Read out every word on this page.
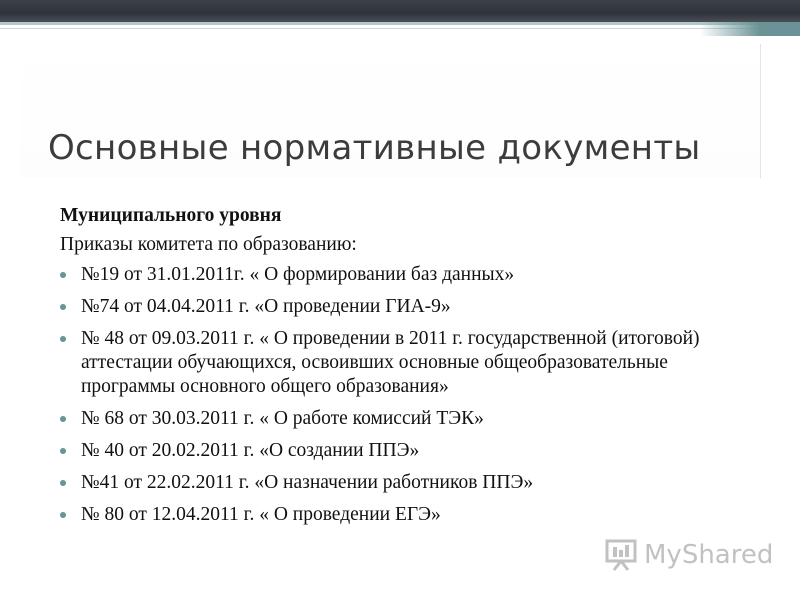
Основные нормативные документы
Муниципального уровня
Приказы комитета по образованию:
№19 от 31.01.2011г. « О формировании баз данных»
№74 от 04.04.2011 г. «О проведении ГИА-9»
№ 48 от 09.03.2011 г. « О проведении в 2011 г. государственной (итоговой) аттестации обучающихся, освоивших основные общеобразовательные программы основного общего образования»
№ 68 от 30.03.2011 г. « О работе комиссий ТЭК»
№ 40 от 20.02.2011 г. «О создании ППЭ»
№41 от 22.02.2011 г. «О назначении работников ППЭ»
№ 80 от 12.04.2011 г. « О проведении ЕГЭ»
MyShared
